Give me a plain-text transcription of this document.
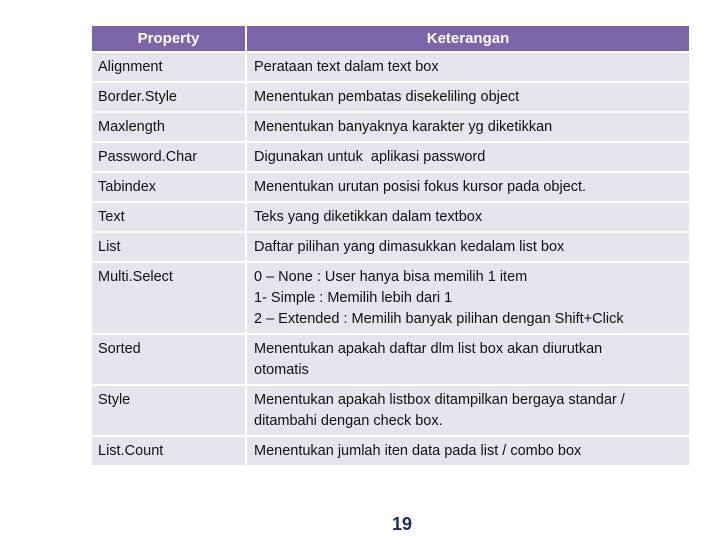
Property	Keterangan
Alignment	Perataan text dalam text box

Border.Style	Menentukan pembatas disekeliling object

Maxlength	Menentukan banyaknya karakter yg diketikkan

Password.Char	Digunakan untuk  aplikasi password

Tabindex	Menentukan urutan posisi fokus kursor pada object.

Text	Teks yang diketikkan dalam textbox

List	Daftar pilihan yang dimasukkan kedalam list box

Multi.Select	0 – None : User hanya bisa memilih 1 item
1- Simple : Memilih lebih dari 1
2 – Extended : Memilih banyak pilihan dengan Shift+Click

Sorted	Menentukan apakah daftar dlm list box akan diurutkan
otomatis

Style	Menentukan apakah listbox ditampilkan bergaya standar /
ditambahi dengan check box.

List.Count	Menentukan jumlah iten data pada list / combo box
19
